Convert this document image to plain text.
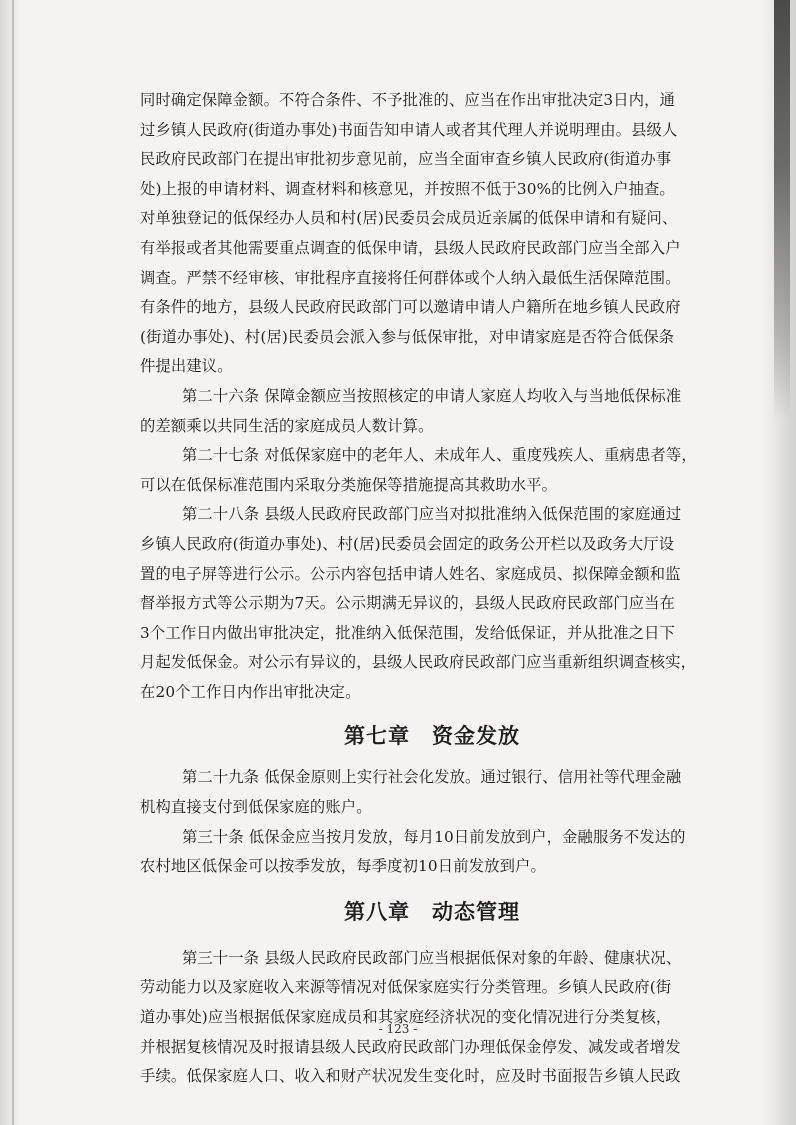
同时确定保障金额。不符合条件、不予批准的、应当在作出审批决定3日内，通

过乡镇人民政府(街道办事处)书面告知申请人或者其代理人并说明理由。县级人

民政府民政部门在提出审批初步意见前，应当全面审查乡镇人民政府(街道办事

处)上报的申请材料、调查材料和核意见，并按照不低于30%的比例入户抽查。

对单独登记的低保经办人员和村(居)民委员会成员近亲属的低保申请和有疑问、

有举报或者其他需要重点调查的低保申请，县级人民政府民政部门应当全部入户

调查。严禁不经审核、审批程序直接将任何群体或个人纳入最低生活保障范围。

有条件的地方，县级人民政府民政部门可以邀请申请人户籍所在地乡镇人民政府

(街道办事处)、村(居)民委员会派入参与低保审批，对申请家庭是否符合低保条

件提出建议。

第二十六条 保障金额应当按照核定的申请人家庭人均收入与当地低保标准

的差额乘以共同生活的家庭成员人数计算。

第二十七条 对低保家庭中的老年人、未成年人、重度残疾人、重病患者等，

可以在低保标准范围内采取分类施保等措施提高其救助水平。

第二十八条 县级人民政府民政部门应当对拟批准纳入低保范围的家庭通过

乡镇人民政府(街道办事处)、村(居)民委员会固定的政务公开栏以及政务大厅设

置的电子屏等进行公示。公示内容包括申请人姓名、家庭成员、拟保障金额和监

督举报方式等公示期为7天。公示期满无异议的，县级人民政府民政部门应当在

3个工作日内做出审批决定，批准纳入低保范围，发给低保证，并从批准之日下

月起发低保金。对公示有异议的，县级人民政府民政部门应当重新组织调查核实，

在20个工作日内作出审批决定。

第七章　资金发放

第二十九条 低保金原则上实行社会化发放。通过银行、信用社等代理金融

机构直接支付到低保家庭的账户。

第三十条 低保金应当按月发放，每月10日前发放到户，金融服务不发达的

农村地区低保金可以按季发放，每季度初10日前发放到户。

第八章　动态管理

第三十一条 县级人民政府民政部门应当根据低保对象的年龄、健康状况、

劳动能力以及家庭收入来源等情况对低保家庭实行分类管理。乡镇人民政府(街

道办事处)应当根据低保家庭成员和其家庭经济状况的变化情况进行分类复核，

并根据复核情况及时报请县级人民政府民政部门办理低保金停发、减发或者增发

手续。低保家庭人口、收入和财产状况发生变化时，应及时书面报告乡镇人民政

- 123 -
